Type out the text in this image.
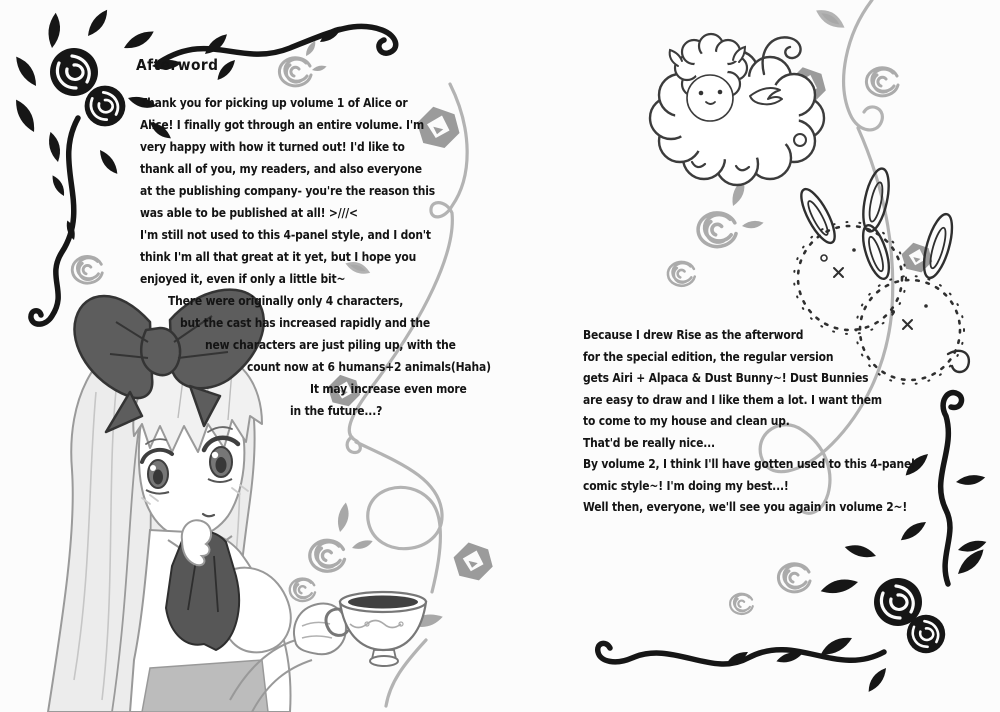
Afterword
Thank you for picking up volume 1 of Alice or
Alice! I finally got through an entire volume. I'm
very happy with how it turned out! I'd like to
thank all of you, my readers, and also everyone
at the publishing company- you're the reason this
was able to be published at all! >///<
I'm still not used to this 4-panel style, and I don't
think I'm all that great at it yet, but I hope you
enjoyed it, even if only a little bit~
There were originally only 4 characters,
but the cast has increased rapidly and the
new characters are just piling up, with the
count now at 6 humans+2 animals(Haha)
It may increase even more
in the future...?
Because I drew Rise as the afterword
for the special edition, the regular version
gets Airi + Alpaca & Dust Bunny~! Dust Bunnies
are easy to draw and I like them a lot. I want them
to come to my house and clean up.
That'd be really nice...
By volume 2, I think I'll have gotten used to this 4-panel
comic style~! I'm doing my best...!
Well then, everyone, we'll see you again in volume 2~!
